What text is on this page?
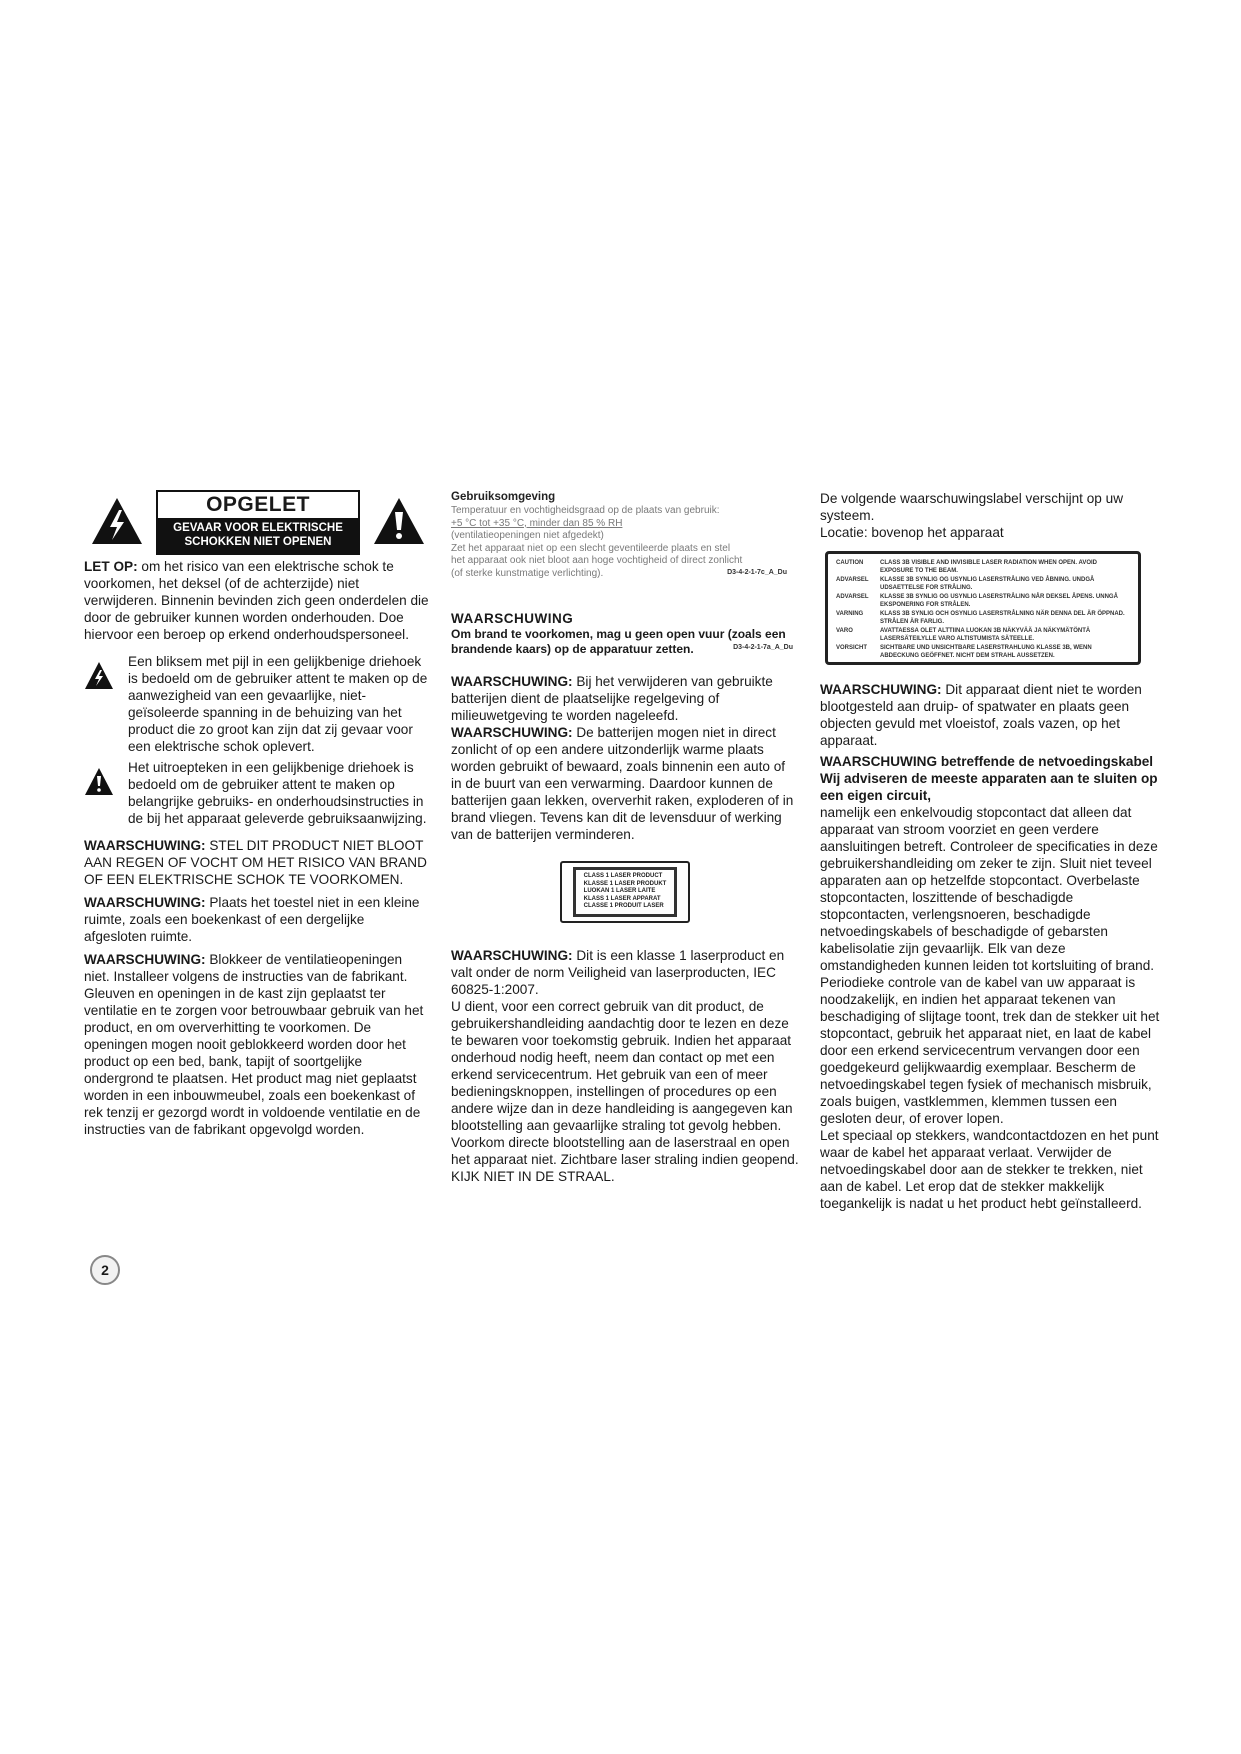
OPGELET
GEVAAR VOOR ELEKTRISCHE SCHOKKEN NIET OPENEN

LET OP: om het risico van een elektrische schok te voorkomen, het deksel (of de achterzijde) niet verwijderen. Binnenin bevinden zich geen onderdelen die door de gebruiker kunnen worden onderhouden. Doe hiervoor een beroep op erkend onderhoudspersoneel.

Een bliksem met pijl in een gelijkbenige driehoek is bedoeld om de gebruiker attent te maken op de aanwezigheid van een gevaarlijke, niet-geïsoleerde spanning in de behuizing van het product die zo groot kan zijn dat zij gevaar voor een elektrische schok oplevert.

Het uitroepteken in een gelijkbenige driehoek is bedoeld om de gebruiker attent te maken op belangrijke gebruiks- en onderhoudsinstructies in de bij het apparaat geleverde gebruiksaanwijzing.

WAARSCHUWING: STEL DIT PRODUCT NIET BLOOT AAN REGEN OF VOCHT OM HET RISICO VAN BRAND OF EEN ELEKTRISCHE SCHOK TE VOORKOMEN.

WAARSCHUWING: Plaats het toestel niet in een kleine ruimte, zoals een boekenkast of een dergelijke afgesloten ruimte.

WAARSCHUWING: Blokkeer de ventilatieopeningen niet. Installeer volgens de instructies van de fabrikant. Gleuven en openingen in de kast zijn geplaatst ter ventilatie en te zorgen voor betrouwbaar gebruik van het product, en om oververhitting te voorkomen. De openingen mogen nooit geblokkeerd worden door het product op een bed, bank, tapijt of soortgelijke ondergrond te plaatsen. Het product mag niet geplaatst worden in een inbouwmeubel, zoals een boekenkast of rek tenzij er gezorgd wordt in voldoende ventilatie en de instructies van de fabrikant opgevolgd worden.

Gebruiksomgeving
Temperatuur en vochtigheidsgraad op de plaats van gebruik:
+5 °C tot +35 °C, minder dan 85 % RH
(ventilatieopeningen niet afgedekt)
Zet het apparaat niet op een slecht geventileerde plaats en stel het apparaat ook niet bloot aan hoge vochtigheid of direct zonlicht (of sterke kunstmatige verlichting).	D3-4-2-1-7c_A_Du
WAARSCHUWING
Om brand te voorkomen, mag u geen open vuur (zoals een brandende kaars) op de apparatuur zetten.	D3-4-2-1-7a_A_Du

WAARSCHUWING: Bij het verwijderen van gebruikte batterijen dient de plaatselijke regelgeving of milieuwetgeving te worden nageleefd.

WAARSCHUWING: De batterijen mogen niet in direct zonlicht of op een andere uitzonderlijk warme plaats worden gebruikt of bewaard, zoals binnenin een auto of in de buurt van een verwarming. Daardoor kunnen de batterijen gaan lekken, oververhit raken, exploderen of in brand vliegen. Tevens kan dit de levensduur of werking van de batterijen verminderen.

CLASS 1 LASER PRODUCT
KLASSE 1 LASER PRODUKT
LUOKAN 1 LASER LAITE
KLASS 1 LASER APPARAT
CLASSE 1 PRODUIT LASER

WAARSCHUWING: Dit is een klasse 1 laserproduct en valt onder de norm Veiligheid van laserproducten, IEC 60825-1:2007.

U dient, voor een correct gebruik van dit product, de gebruikershandleiding aandachtig door te lezen en deze te bewaren voor toekomstig gebruik. Indien het apparaat onderhoud nodig heeft, neem dan contact op met een erkend servicecentrum. Het gebruik van een of meer bedieningsknoppen, instellingen of procedures op een andere wijze dan in deze handleiding is aangegeven kan blootstelling aan gevaarlijke straling tot gevolg hebben. Voorkom directe blootstelling aan de laserstraal en open het apparaat niet. Zichtbare laser straling indien geopend. KIJK NIET IN DE STRAAL.

De volgende waarschuwingslabel verschijnt op uw systeem.

Locatie: bovenop het apparaat

CAUTION	CLASS 3B VISIBLE AND INVISIBLE LASER RADIATION WHEN OPEN. AVOID EXPOSURE TO THE BEAM.
ADVARSEL	KLASSE 3B SYNLIG OG USYNLIG LASERSTRÅLING VED ÅBNING. UNDGÅ UDSAETTELSE FOR STRÅLING.
ADVARSEL	KLASSE 3B SYNLIG OG USYNLIG LASERSTRÅLING NÅR DEKSEL ÅPENS. UNNGÅ EKSPONERING FOR STRÅLEN.
VARNING	KLASS 3B SYNLIG OCH OSYNLIG LASERSTRÅLNING NÄR DENNA DEL ÄR ÖPPNAD. STRÅLEN ÄR FARLIG.
VARO	AVATTAESSA OLET ALTTIINA LUOKAN 3B NÄKYVÄÄ JA NÄKYMÄTÖNTÄ LASERSÄTEILYLLE VARO ALTISTUMISTA SÄTEELLE.
VORSICHT	SICHTBARE UND UNSICHTBARE LASERSTRAHLUNG KLASSE 3B, WENN ABDECKUNG GEÖFFNET. NICHT DEM STRAHL AUSSETZEN.

WAARSCHUWING: Dit apparaat dient niet te worden blootgesteld aan druip- of spatwater en plaats geen objecten gevuld met vloeistof, zoals vazen, op het apparaat.

WAARSCHUWING betreffende de netvoedingskabel

Wij adviseren de meeste apparaten aan te sluiten op een eigen circuit,

namelijk een enkelvoudig stopcontact dat alleen dat apparaat van stroom voorziet en geen verdere aansluitingen betreft. Controleer de specificaties in deze gebruikershandleiding om zeker te zijn. Sluit niet teveel apparaten aan op hetzelfde stopcontact. Overbelaste stopcontacten, loszittende of beschadigde stopcontacten, verlengsnoeren, beschadigde netvoedingskabels of beschadigde of gebarsten kabelisolatie zijn gevaarlijk. Elk van deze omstandigheden kunnen leiden tot kortsluiting of brand. Periodieke controle van de kabel van uw apparaat is noodzakelijk, en indien het apparaat tekenen van beschadiging of slijtage toont, trek dan de stekker uit het stopcontact, gebruik het apparaat niet, en laat de kabel door een erkend servicecentrum vervangen door een goedgekeurd gelijkwaardig exemplaar. Bescherm de netvoedingskabel tegen fysiek of mechanisch misbruik, zoals buigen, vastklemmen, klemmen tussen een gesloten deur, of erover lopen.

Let speciaal op stekkers, wandcontactdozen en het punt waar de kabel het apparaat verlaat. Verwijder de netvoedingskabel door aan de stekker te trekken, niet aan de kabel. Let erop dat de stekker makkelijk toegankelijk is nadat u het product hebt geïnstalleerd.

2
